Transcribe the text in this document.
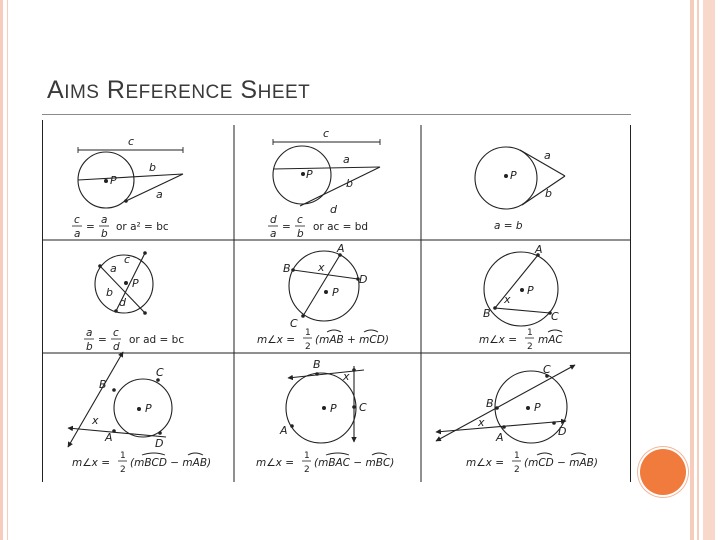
AIMS REFERENCE SHEET
c
b
a
P
c
a
=
a
b
or a² = bc
c
a
b
d
P
d
a
=
c
b
or ac = bd
a
b
P
a = b
c
a
b
d
P
a
b
=
c
d
or ad = bc
A
B x
D
C
P
m∠x =
1
2
(mAB + mCD)
A
B
x
C
P
m∠x =
1
2
mAC
B
C
x
A	D
P
m∠x =
1
2
(mBCD − mAB)
B
x
C
A
P
m∠x =
1
2
(mBAC − mBC)
B
C
x
A	D
P
m∠x =
1
2
(mCD − mAB)
